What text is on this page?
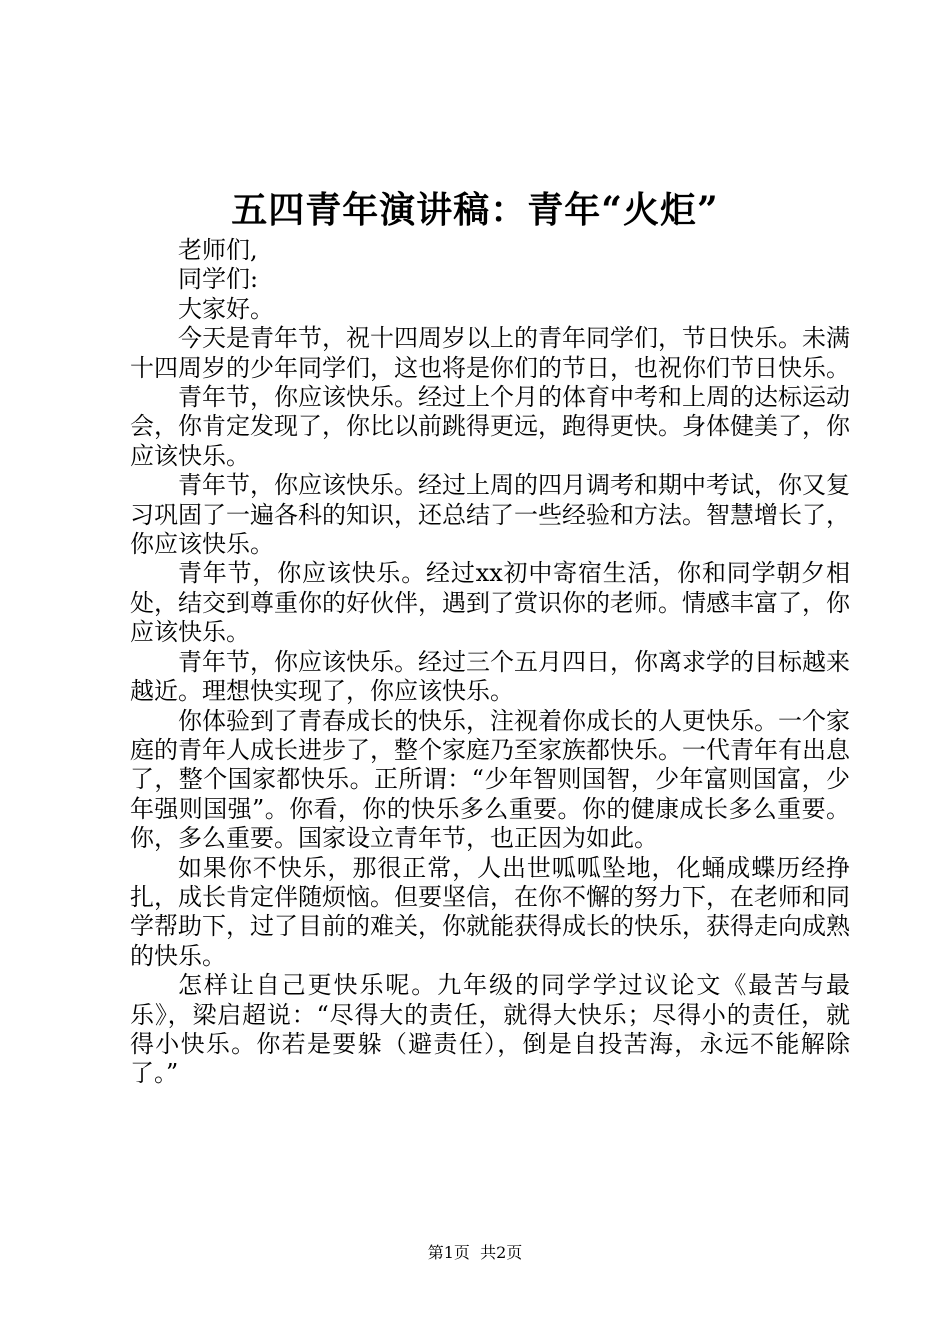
五四青年演讲稿：青年“火炬”

老师们,

同学们:

大家好。

今天是青年节，祝十四周岁以上的青年同学们，节日快乐。未满十四周岁的少年同学们，这也将是你们的节日，也祝你们节日快乐。

青年节，你应该快乐。经过上个月的体育中考和上周的达标运动会，你肯定发现了，你比以前跳得更远，跑得更快。身体健美了，你应该快乐。

青年节，你应该快乐。经过上周的四月调考和期中考试，你又复习巩固了一遍各科的知识，还总结了一些经验和方法。智慧增长了，你应该快乐。

青年节，你应该快乐。经过xx初中寄宿生活，你和同学朝夕相处，结交到尊重你的好伙伴，遇到了赏识你的老师。情感丰富了，你应该快乐。

青年节，你应该快乐。经过三个五月四日，你离求学的目标越来越近。理想快实现了，你应该快乐。

你体验到了青春成长的快乐，注视着你成长的人更快乐。一个家庭的青年人成长进步了，整个家庭乃至家族都快乐。一代青年有出息了，整个国家都快乐。正所谓：“少年智则国智，少年富则国富，少年强则国强”。你看，你的快乐多么重要。你的健康成长多么重要。你，多么重要。国家设立青年节，也正因为如此。

如果你不快乐，那很正常，人出世呱呱坠地，化蛹成蝶历经挣扎，成长肯定伴随烦恼。但要坚信，在你不懈的努力下，在老师和同学帮助下，过了目前的难关，你就能获得成长的快乐，获得走向成熟的快乐。

怎样让自己更快乐呢。九年级的同学学过议论文《最苦与最乐》，梁启超说：“尽得大的责任，就得大快乐；尽得小的责任，就得小快乐。你若是要躲（避责任），倒是自投苦海，永远不能解除了。”

第1页 共2页
